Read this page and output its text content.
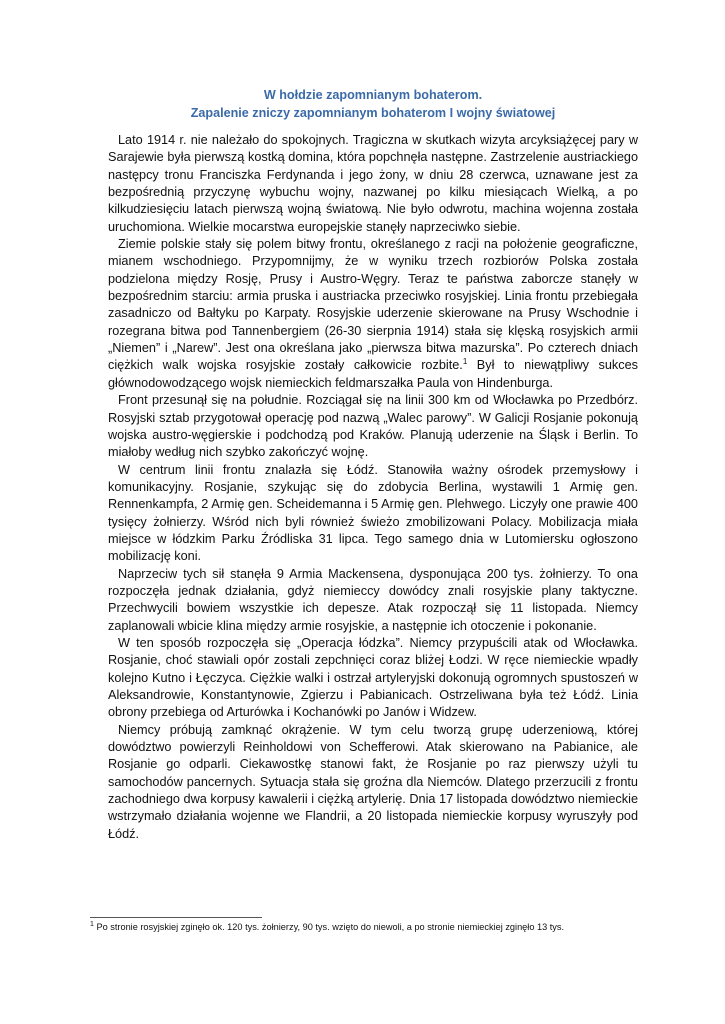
W hołdzie zapomnianym bohaterom.
Zapalenie zniczy zapomnianym bohaterom I wojny światowej

Lato 1914 r. nie należało do spokojnych. Tragiczna w skutkach wizyta arcyksiążęcej pary w Sarajewie była pierwszą kostką domina, która popchnęła następne. Zastrzelenie austriackiego następcy tronu Franciszka Ferdynanda i jego żony, w dniu 28 czerwca, uznawane jest za bezpośrednią przyczynę wybuchu wojny, nazwanej po kilku miesiącach Wielką, a po kilkudziesięciu latach pierwszą wojną światową. Nie było odwrotu, machina wojenna została uruchomiona. Wielkie mocarstwa europejskie stanęły naprzeciwko siebie.

Ziemie polskie stały się polem bitwy frontu, określanego z racji na położenie geograficzne, mianem wschodniego. Przypomnijmy, że w wyniku trzech rozbiorów Polska została podzielona między Rosję, Prusy i Austro-Węgry. Teraz te państwa zaborcze stanęły w bezpośrednim starciu: armia pruska i austriacka przeciwko rosyjskiej. Linia frontu przebiegała zasadniczo od Bałtyku po Karpaty. Rosyjskie uderzenie skierowane na Prusy Wschodnie i rozegrana bitwa pod Tannenbergiem (26-30 sierpnia 1914) stała się klęską rosyjskich armii „Niemen” i „Narew”. Jest ona określana jako „pierwsza bitwa mazurska”. Po czterech dniach ciężkich walk wojska rosyjskie zostały całkowicie rozbite.$^1$ Był to niewątpliwy sukces głównodowodzącego wojsk niemieckich feldmarszałka Paula von Hindenburga.

Front przesunął się na południe. Rozciągał się na linii 300 km od Włocławka po Przedbórz. Rosyjski sztab przygotował operację pod nazwą „Walec parowy”. W Galicji Rosjanie pokonują wojska austro-węgierskie i podchodzą pod Kraków. Planują uderzenie na Śląsk i Berlin. To miałoby według nich szybko zakończyć wojnę.

W centrum linii frontu znalazła się Łódź. Stanowiła ważny ośrodek przemysłowy i komunikacyjny. Rosjanie, szykując się do zdobycia Berlina, wystawili 1 Armię gen. Rennenkampfa, 2 Armię gen. Scheidemanna i 5 Armię gen. Plehwego. Liczyły one prawie 400 tysięcy żołnierzy. Wśród nich byli również świeżo zmobilizowani Polacy. Mobilizacja miała miejsce w łódzkim Parku Źródliska 31 lipca. Tego samego dnia w Lutomiersku ogłoszono mobilizację koni.

Naprzeciw tych sił stanęła 9 Armia Mackensena, dysponująca 200 tys. żołnierzy. To ona rozpoczęła jednak działania, gdyż niemieccy dowódcy znali rosyjskie plany taktyczne. Przechwycili bowiem wszystkie ich depesze. Atak rozpoczął się 11 listopada. Niemcy zaplanowali wbicie klina między armie rosyjskie, a następnie ich otoczenie i pokonanie.

W ten sposób rozpoczęła się „Operacja łódzka”. Niemcy przypuścili atak od Włocławka. Rosjanie, choć stawiali opór zostali zepchnięci coraz bliżej Łodzi. W ręce niemieckie wpadły kolejno Kutno i Łęczyca. Ciężkie walki i ostrzał artyleryjski dokonują ogromnych spustoszeń w Aleksandrowie, Konstantynowie, Zgierzu i Pabianicach. Ostrzeliwana była też Łódź. Linia obrony przebiega od Arturówka i Kochanówki po Janów i Widzew.

Niemcy próbują zamknąć okrążenie. W tym celu tworzą grupę uderzeniową, której dowództwo powierzyli Reinholdowi von Schefferowi. Atak skierowano na Pabianice, ale Rosjanie go odparli. Ciekawostkę stanowi fakt, że Rosjanie po raz pierwszy użyli tu samochodów pancernych. Sytuacja stała się groźna dla Niemców. Dlatego przerzucili z frontu zachodniego dwa korpusy kawalerii i ciężką artylerię. Dnia 17 listopada dowództwo niemieckie wstrzymało działania wojenne we Flandrii, a 20 listopada niemieckie korpusy wyruszyły pod Łódź.

$^1$ Po stronie rosyjskiej zginęło ok. 120 tys. żołnierzy, 90 tys. wzięto do niewoli, a po stronie niemieckiej zginęło 13 tys.
